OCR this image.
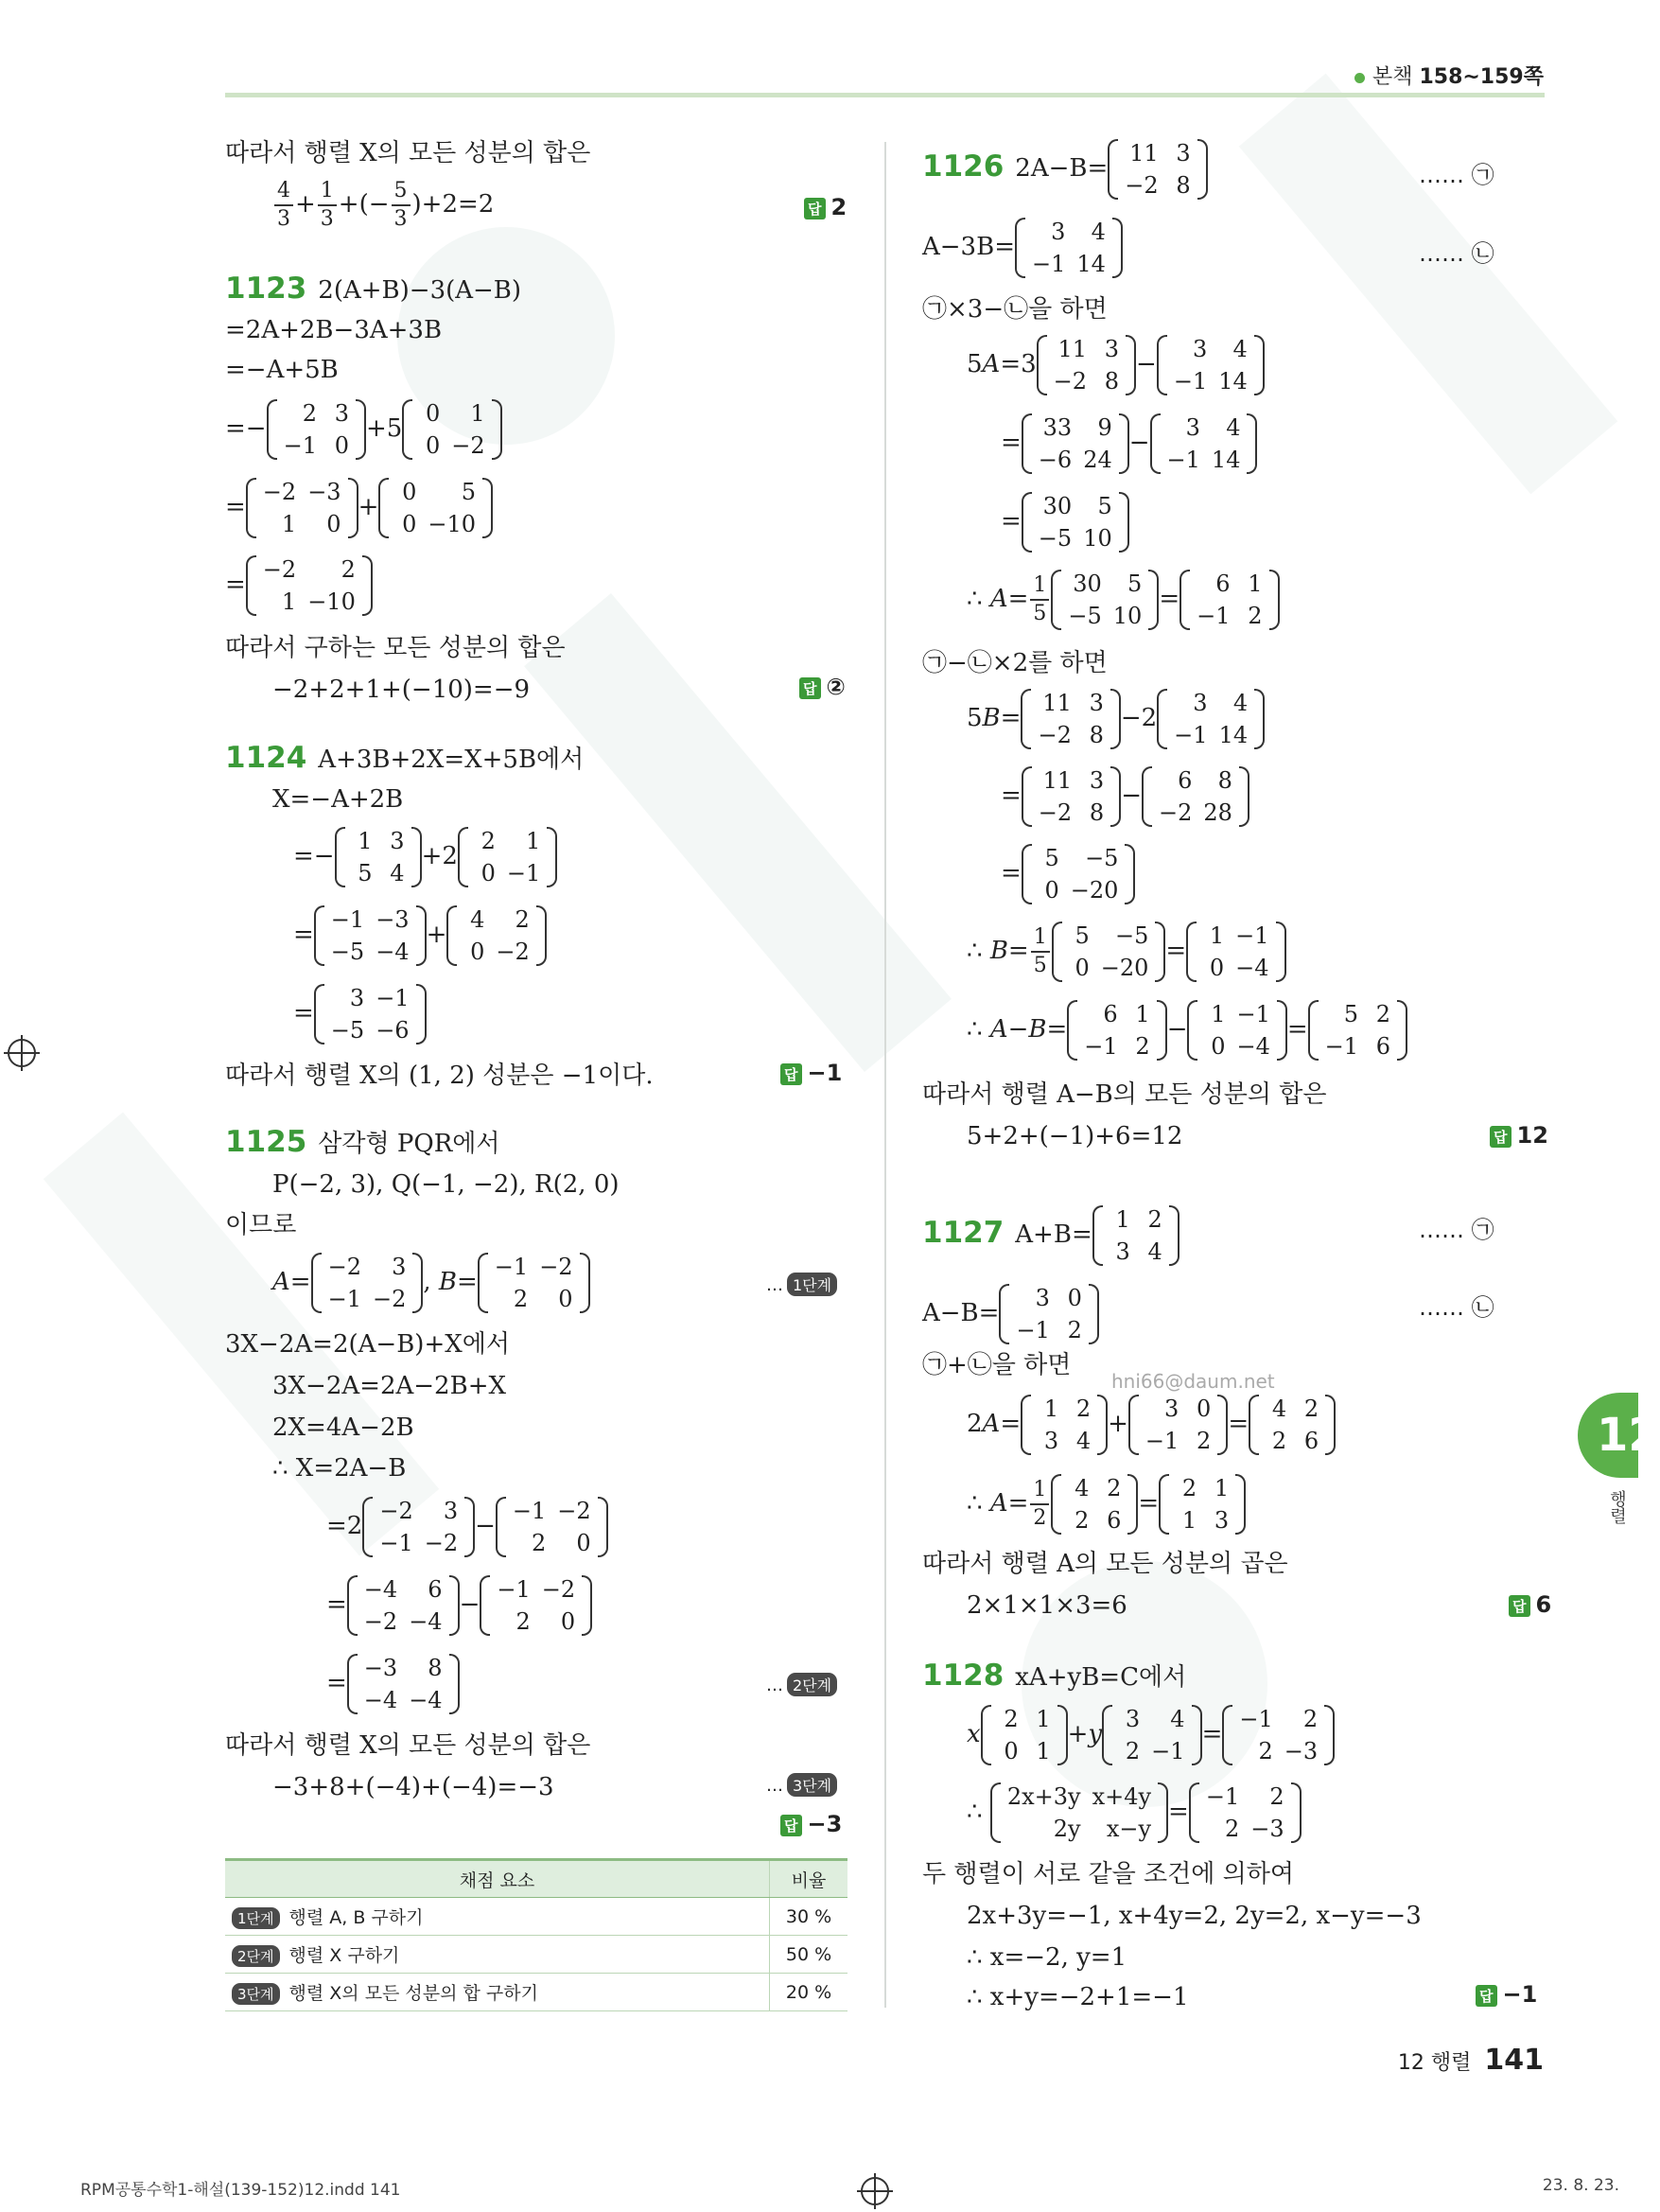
본책 158~159쪽
따라서 행렬 X의 모든 성분의 합은
$\frac{4}{3} + \frac{1}{3}$ +(− $\frac{5}{3} )+2=2$	답 2
1123 2(A+B)−3(A−B)
=2A+2B−3A+3B
=−A+5B
=−
2	3
−1	0
+5
0	1
0	−2
=
−2	−3
1	0
+
0	5
0	−10
=
−2	2
1	−10
따라서 구하는 모든 성분의 합은
−2+2+1+(−10)=−9	답 ②
1124 A+3B+2X=X+5B에서
X=−A+2B
=−
1	3
5	4
+2
2	1
0	−1
=
−1	−3
−5	−4
+
4	2
0	−2
=
3	−1
−5	−6
따라서 행렬 X의 (1, 2) 성분은 −1이다.	답 −1
1125 삼각형 PQR에서
P(−2, 3), Q(−1, −2), R(2, 0)
이므로
A=
−2	3
−1	−2
, B=
−1	−2
2	0
… 1단계
3X−2A=2(A−B)+X에서
3X−2A=2A−2B+X
2X=4A−2B
∴ X=2A−B
=2
−2	3
−1	−2
−
−1	−2
2	0
=
−4	6
−2	−4
−
−1	−2
2	0
=
−3	8
−4	−4
… 2단계
따라서 행렬 X의 모든 성분의 합은
−3+8+(−4)+(−4)=−3	… 3단계
답 −3
채점 요소	비율
1단계 행렬 A, B 구하기	30 %
2단계 행렬 X 구하기	50 %
3단계 행렬 X의 모든 성분의 합 구하기	20 %
1126 2A−B=
11	3
−2	8	…… ㉠
A−3B=
3	4
−1	14	…… ㉡
㉠×3−㉡을 하면
5A=3
11	3
−2	8
−
3	4
−1	14
=
33	9
−6	24
−
3	4
−1	14
=
30	5
−5	10
∴ $A= \frac{1}{5} 30$	5
−5	10
=
6	1
−1	2
㉠−㉡×2를 하면
5B=
11	3
−2	8
−2
3	4
−1	14
=
11	3
−2	8
−
6	8
−2	28
=
5	−5
0	−20
∴ $B= \frac{1}{5} 5$	−5
0	−20
=
1	−1
0	−4
∴ A−B=
6	1
−1	2
−
1	−1
0	−4
=
5	2
−1	6
따라서 행렬 A−B의 모든 성분의 합은
5+2+(−1)+6=12	답 12
1127 A+B=
1	2
3	4
…… ㉠
A−B=
3	0
−1	2
…… ㉡
㉠+㉡을 하면
2A=
1	2
3	4
+
3	0
−1	2
=
4	2
2	6
∴ $A= \frac{1}{2} 4$	2
2	6
=
2	1
1	3
따라서 행렬 A의 모든 성분의 곱은
2×1×1×3=6	답 6
1128 xA+yB=C에서
x
2	1
0	1
+y
3	4
2	−1
=
−1	2
2	−3
∴
2x+3y	x+4y
2y	x−y
=
−1	2
2	−3
두 행렬이 서로 같을 조건에 의하여
2x+3y=−1, x+4y=2, 2y=2, x−y=−3
∴ x=−2, y=1
∴ x+y=−2+1=−1	답 −1
hni66@daum.net
12
행렬
12 행렬 141
RPM공통수학1-해설(139-152)12.indd 141	23. 8. 23.
